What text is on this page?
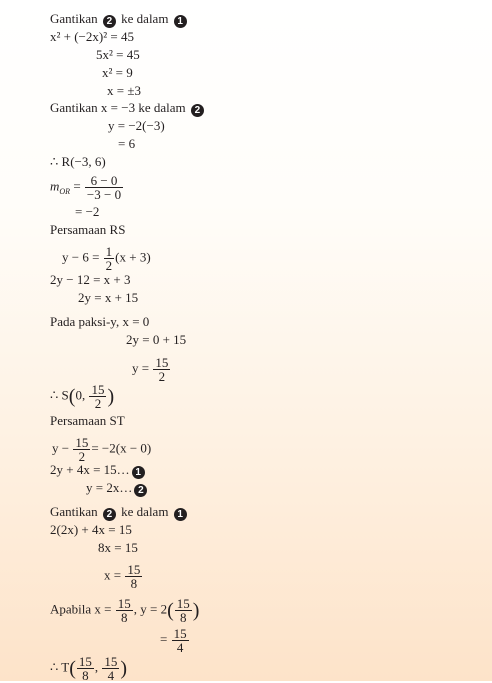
Gantikan 2 ke dalam 1
x² + (−2x)² = 45
5x² = 45
x² = 9
x = ±3
Gantikan x = −3 ke dalam 2
y = −2(−3)
= 6
∴ R(−3, 6)
$m_{OR} = \frac{6 - 0}{-3 - 0}$
= −2
Persamaan RS
$y - 6 = \frac{1}{2} (x + 3)$
2y − 12 = x + 3
2y = x + 15
Pada paksi-y, x = 0
2y = 0 + 15
$y = \frac{15}{2}$
∴ S(0, $\frac{15}{2}$ )
Persamaan ST
$y - \frac{15}{2} = -2(x - 0)$
2y + 4x = 15… 1
y = 2x… 2
Gantikan 2 ke dalam 1
2(2x) + 4x = 15
8x = 15
$x = \frac{15}{8}$
Apabila $x = \frac{15}{8}$ , $y = 2( \frac{15}{8}$ )
= $\frac{15}{4}$
∴ $T( \frac{15}{8}$ , $\frac{15}{4}$ )
